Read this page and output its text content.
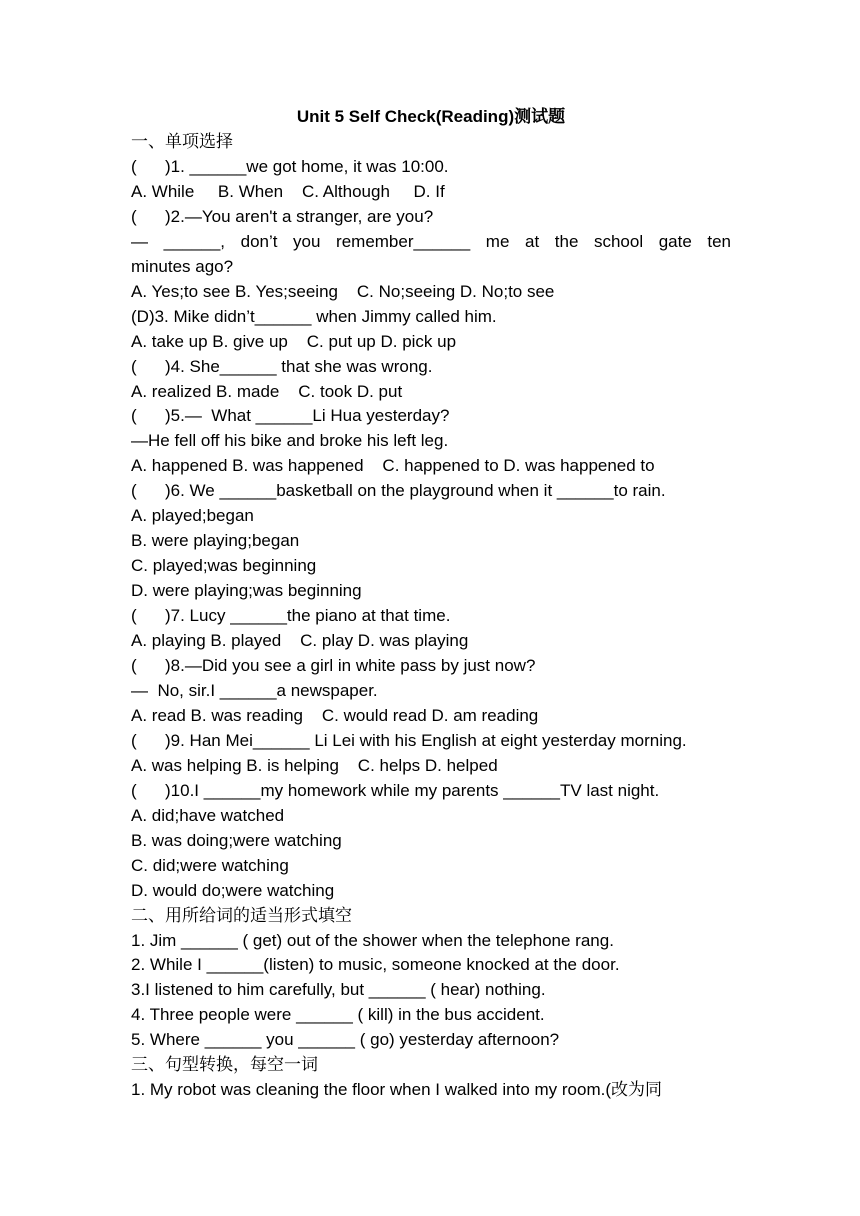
Unit 5 Self Check(Reading)测试题
一、单项选择
(      )1. ______we got home, it was 10:00.
A. While     B. When    C. Although     D. If
(      )2.—You aren't a stranger, are you?
— ______, don’t you remember______ me at the school gate ten
minutes ago?
A. Yes;to see B. Yes;seeing    C. No;seeing D. No;to see
(D)3. Mike didn’t______ when Jimmy called him.
A. take up B. give up    C. put up D. pick up
(      )4. She______ that she was wrong.
A. realized B. made    C. took D. put
(      )5.—  What ______Li Hua yesterday?
—He fell off his bike and broke his left leg.
A. happened B. was happened    C. happened to D. was happened to
(      )6. We ______basketball on the playground when it ______to rain.
A. played;began
B. were playing;began
C. played;was beginning
D. were playing;was beginning
(      )7. Lucy ______the piano at that time.
A. playing B. played    C. play D. was playing
(      )8.—Did you see a girl in white pass by just now?
—  No, sir.I ______a newspaper.
A. read B. was reading    C. would read D. am reading
(      )9. Han Mei______ Li Lei with his English at eight yesterday morning.
A. was helping B. is helping    C. helps D. helped
(      )10.I ______my homework while my parents ______TV last night.
A. did;have watched
B. was doing;were watching
C. did;were watching
D. would do;were watching
二、用所给词的适当形式填空
1. Jim ______ ( get) out of the shower when the telephone rang.
2. While I ______(listen) to music, someone knocked at the door.
3.I listened to him carefully, but ______ ( hear) nothing.
4. Three people were ______ ( kill) in the bus accident.
5. Where ______ you ______ ( go) yesterday afternoon?
三、句型转换，每空一词
1. My robot was cleaning the floor when I walked into my room.(改为同
